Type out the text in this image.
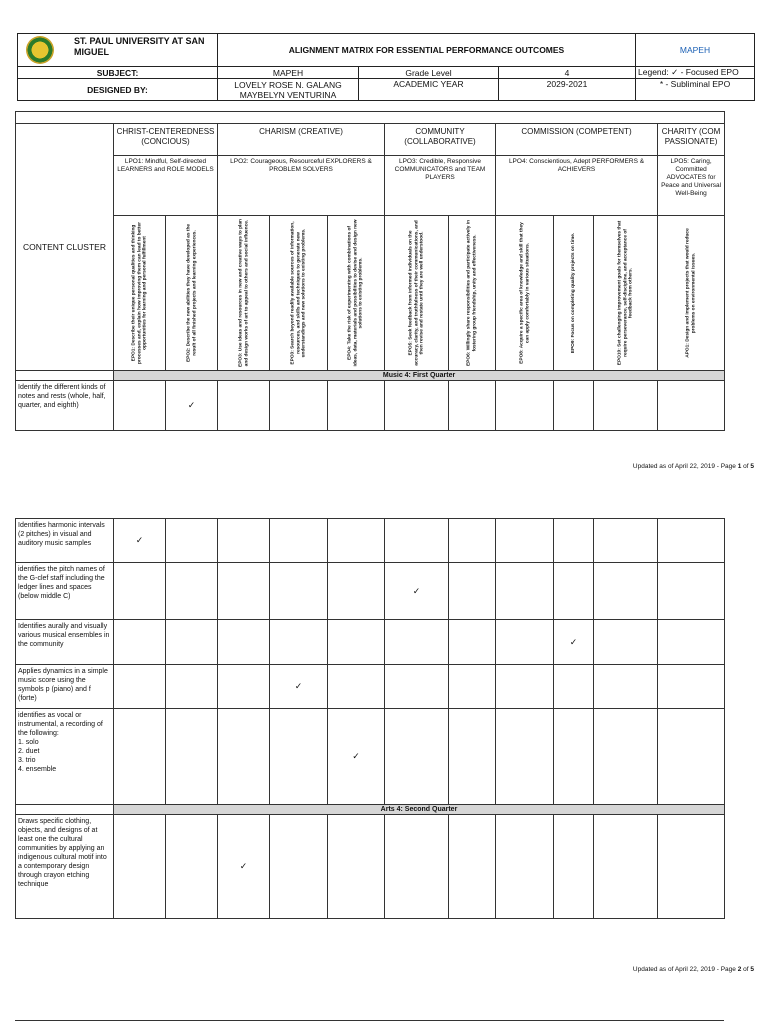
ST. PAUL UNIVERSITY AT SAN MIGUEL	ALIGNMENT MATRIX FOR ESSENTIAL PERFORMANCE OUTCOMES			MAPEH
SUBJECT:	MAPEH	Grade Level	4	Legend: ✓ - Focused EPO
DESIGNED BY:	LOVELY ROSE N. GALANG
MAYBELYN VENTURINA	ACADEMIC YEAR	2029-2021	* - Subliminal EPO

CONTENT CLUSTER	CHRIST-CENTEREDNESS (CONCIOUS)		CHARISM (CREATIVE)			COMMUNITY (COLLABORATIVE)		COMMISSION (COMPETENT)			CHARITY (COMPASSIONATE)
	LPO1: Mindful, Self-directed LEARNERS and ROLE MODELS		LPO2: Courageous, Resourceful EXPLORERS & PROBLEM SOLVERS			LPO3: Credible, Responsive COMMUNICATORS and TEAM PLAYERS		LPO4: Conscientious, Adept PERFORMERS & ACHIEVERS			LPO5: Caring, Committed ADVOCATES for Peace and Universal Well-Being

	EPO1: Describe their unique personal qualities and thinking processes and, explain how improving them can lead to better opportunities for learning and personal fulfillment	EPO2: Describe the new abilities they have developed as the result of all finished projects and learning experiences.	EPO3: Use ideas and resources in new and creative ways to plan and design works of art to appeal to others and social influence.	EPO3: Search beyond readily available sources of information, resources, and skills and techniques to generate new understandings and new solutions to existing problems.	EPO4: Take the risk of experimenting with combinations of ideas, data, materials and possibilities to devise and design new solutions to existing problems.	EPO5: Seek feedback from informed individuals on the accuracy, clarity, and truthfulness of their communications, and then revise and restate until they are well understood.	EPO6: Willingly share responsibilities and participate actively in fostering group friendship, unity and effectiveness.	EPO8: Acquire a specific area of knowledge and skill that they can apply comfortably in various situations.	EPO9: Focus on completing quality projects on time.	EPO10: Set challenging improvement goals for themselves that require perseverance, self-discipline, and acceptance of feedback from others.	APO1: Design and implement projects that would reduce problems on environmental issues.

	Music 4: First Quarter										
Identify the different kinds of notes and rests (whole, half, quarter, and eighth)		✓									
Updated as of April 22, 2019 - Page 1 of 5
Identifies harmonic intervals (2 pitches) in visual and auditory music samples	✓										
identifies the pitch names of the G-clef staff including the ledger lines and spaces (below middle C)						✓					
Identifies aurally and visually various musical ensembles in the community									✓		
Applies dynamics in a simple music score using the symbols p (piano) and f (forte)				✓							
identifies as vocal or instrumental, a recording of the following:
1. solo
2. duet
3. trio
4. ensemble					✓						
	Arts 4: Second Quarter										
Draws specific clothing, objects, and designs of at least one the cultural communities by applying an indigenous cultural motif into a contemporary design through crayon etching technique			✓								
Updated as of April 22, 2019 - Page 2 of 5
